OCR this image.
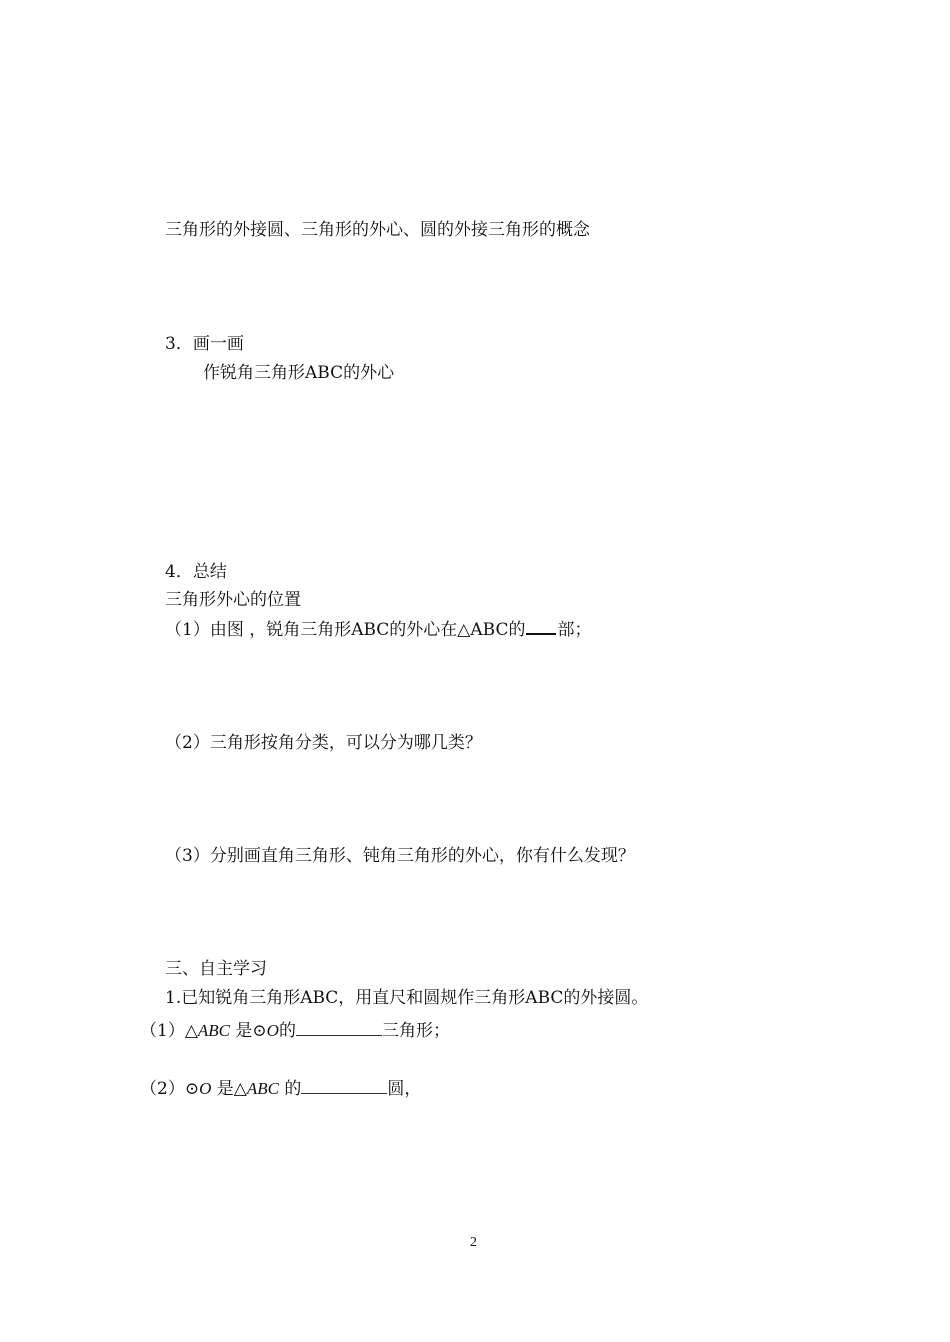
三角形的外接圆、三角形的外心、圆的外接三角形的概念
3．画一画
作锐角三角形ABC的外心
4．总结
三角形外心的位置
（1）由图 ，锐角三角形ABC的外心在△ABC的 部；
（2）三角形按角分类，可以分为哪几类？
（3）分别画直角三角形、钝角三角形的外心，你有什么发现？
三、自主学习
1.已知锐角三角形ABC，用直尺和圆规作三角形ABC的外接圆。
（1）△ABC 是⊙O的	三角形；
（2）⊙O 是△ABC 的	圆，
2
